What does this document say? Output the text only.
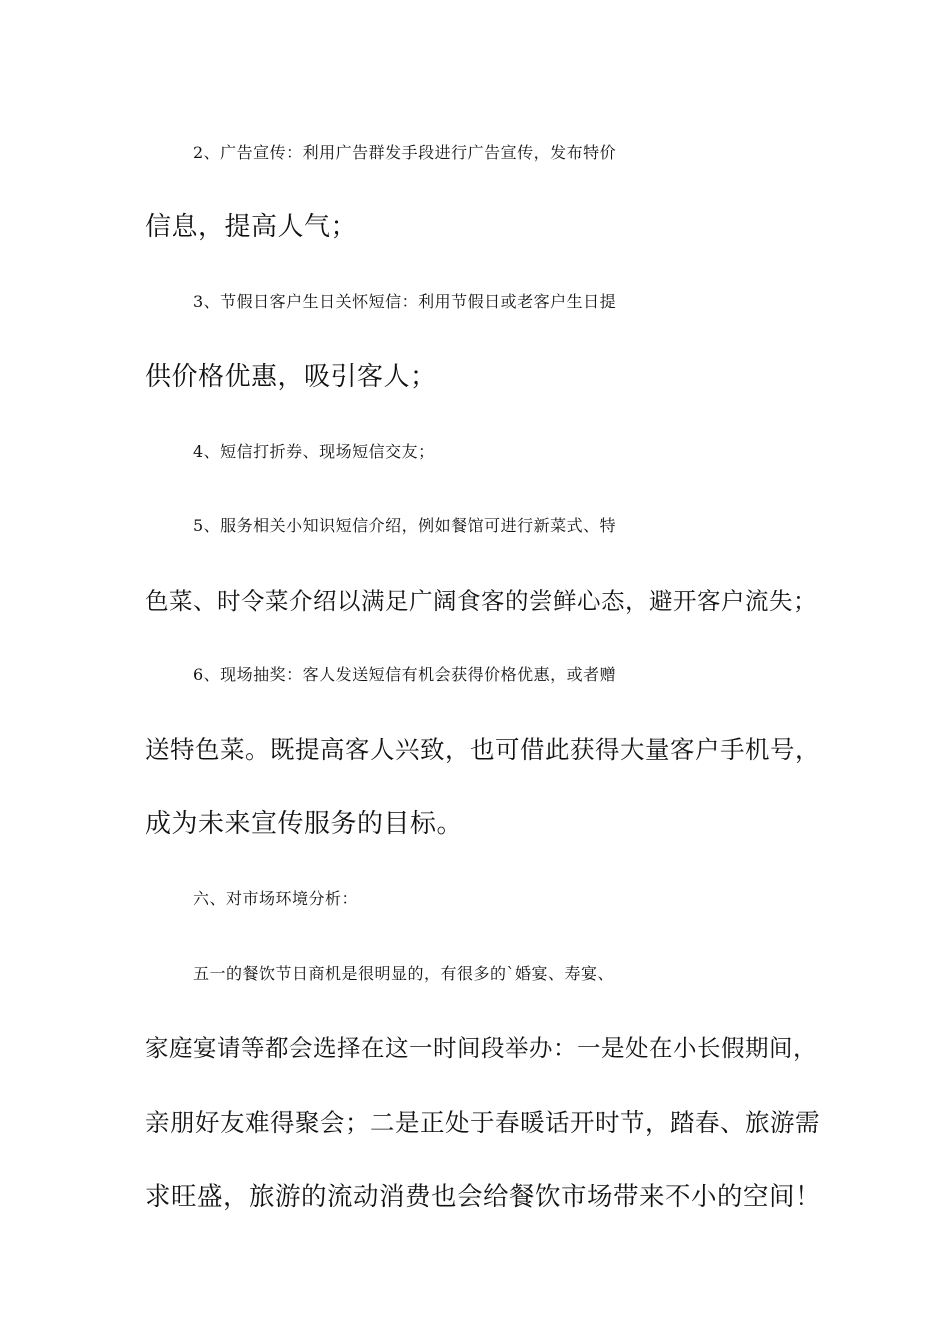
2、广告宣传：利用广告群发手段进行广告宣传，发布特价

信息，提高人气；

3、节假日客户生日关怀短信：利用节假日或老客户生日提

供价格优惠，吸引客人；

4、短信打折券、现场短信交友；

5、服务相关小知识短信介绍，例如餐馆可进行新菜式、特

色菜、时令菜介绍以满足广阔食客的尝鲜心态，避开客户流失；

6、现场抽奖：客人发送短信有机会获得价格优惠，或者赠

送特色菜。既提高客人兴致，也可借此获得大量客户手机号，

成为未来宣传服务的目标。

六、对市场环境分析：

五一的餐饮节日商机是很明显的，有很多的`婚宴、寿宴、

家庭宴请等都会选择在这一时间段举办：一是处在小长假期间，

亲朋好友难得聚会；二是正处于春暖话开时节，踏春、旅游需

求旺盛，旅游的流动消费也会给餐饮市场带来不小的空间！
